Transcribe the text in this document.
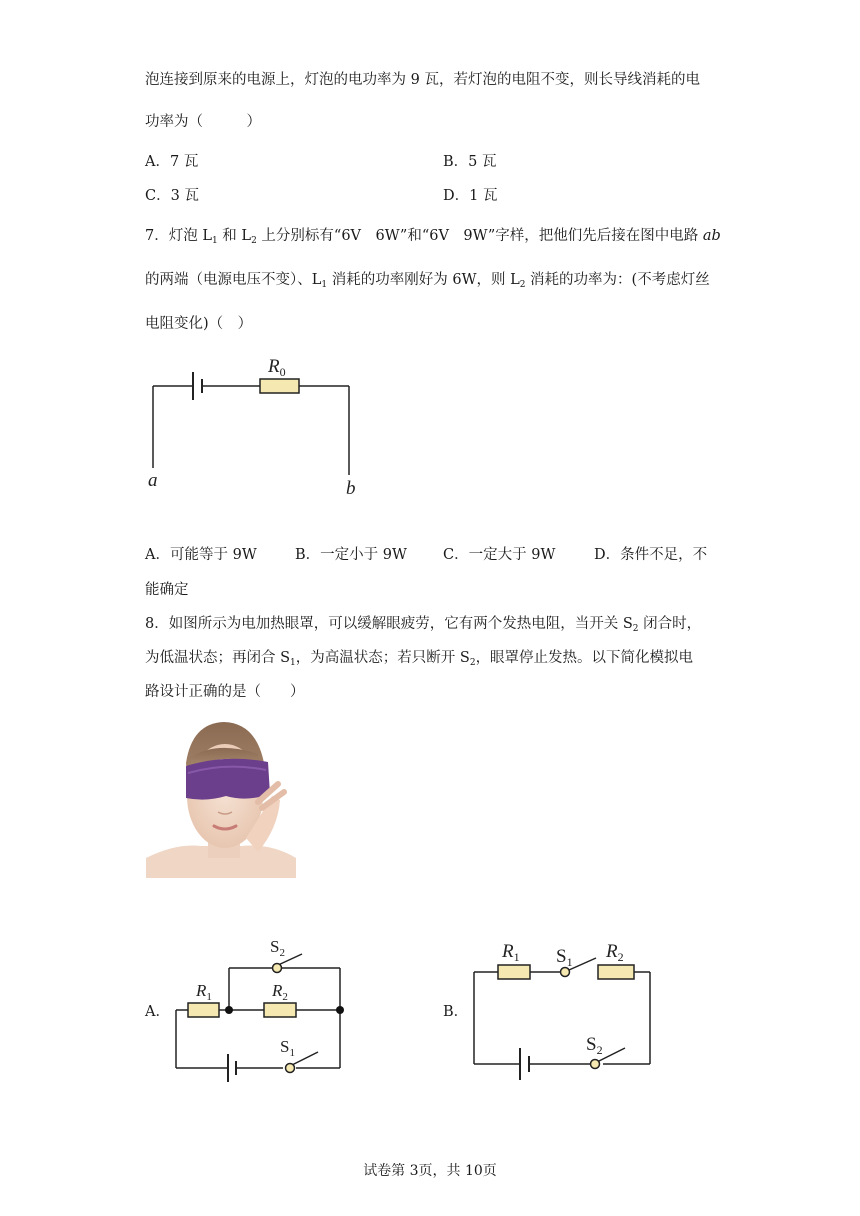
泡连接到原来的电源上，灯泡的电功率为 9 瓦，若灯泡的电阻不变，则长导线消耗的电
功率为（　　　）
A．7 瓦	B．5 瓦
C．3 瓦	D．1 瓦
7．灯泡 $L_1$ 和 $L_2$ 上分别标有“6V　6W”和“6V　9W”字样，把他们先后接在图中电路 ab
的两端（电源电压不变）、$L_1$ 消耗的功率刚好为 6W，则 $L_2$ 消耗的功率为：(不考虑灯丝
电阻变化)（　）
$R_0$
a	b
A．可能等于 9W	B．一定小于 9W C．一定大于 9W	D．条件不足，不
能确定
8．如图所示为电加热眼罩，可以缓解眼疲劳，它有两个发热电阻，当开关 $S_2$ 闭合时，
为低温状态；再闭合 $S_1$，为高温状态；若只断开 $S_2$，眼罩停止发热。以下简化模拟电
路设计正确的是（　　）
A．
$R_1$	$R_2$
$S_2$
$S_1$
B．
$R_1$	$R_2$
$S_1$
$S_2$
试卷第 3页，共 10页
